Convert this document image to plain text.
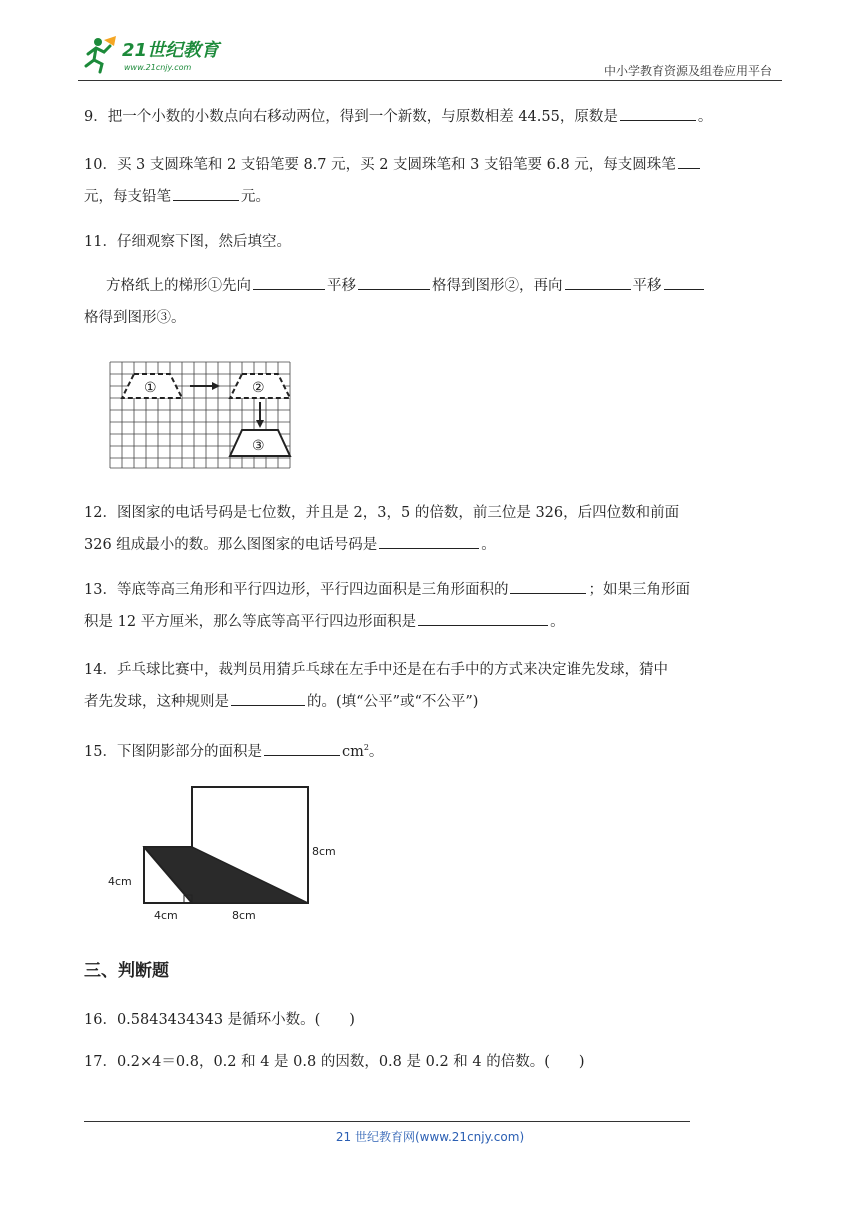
21世纪教育
www.21cnjy.com	中小学教育资源及组卷应用平台
9．把一个小数的小数点向右移动两位，得到一个新数，与原数相差 44.55，原数是	。
10．买 3 支圆珠笔和 2 支铅笔要 8.7 元，买 2 支圆珠笔和 3 支铅笔要 6.8 元，每支圆珠笔
元，每支铅笔	元。
11．仔细观察下图，然后填空。
方格纸上的梯形①先向	平移	格得到图形②，再向	平移
格得到图形③。
①	②
③
12．图图家的电话号码是七位数，并且是 2，3，5 的倍数，前三位是 326，后四位数和前面
326 组成最小的数。那么图图家的电话号码是	。
13．等底等高三角形和平行四边形，平行四边面积是三角形面积的	；如果三角形面
积是 12 平方厘米，那么等底等高平行四边形面积是	。
14．乒乓球比赛中，裁判员用猜乒乓球在左手中还是在右手中的方式来决定谁先发球，猜中
者先发球，这种规则是	的。(填“公平”或“不公平”)
15．下图阴影部分的面积是	$cm^2$。
8cm
4cm
4cm	8cm
三、判断题
16．0.5843434343 是循环小数。(　　)
17．0.2×4＝0.8，0.2 和 4 是 0.8 的因数，0.8 是 0.2 和 4 的倍数。(　　)
21 世纪教育网(www.21cnjy.com)
